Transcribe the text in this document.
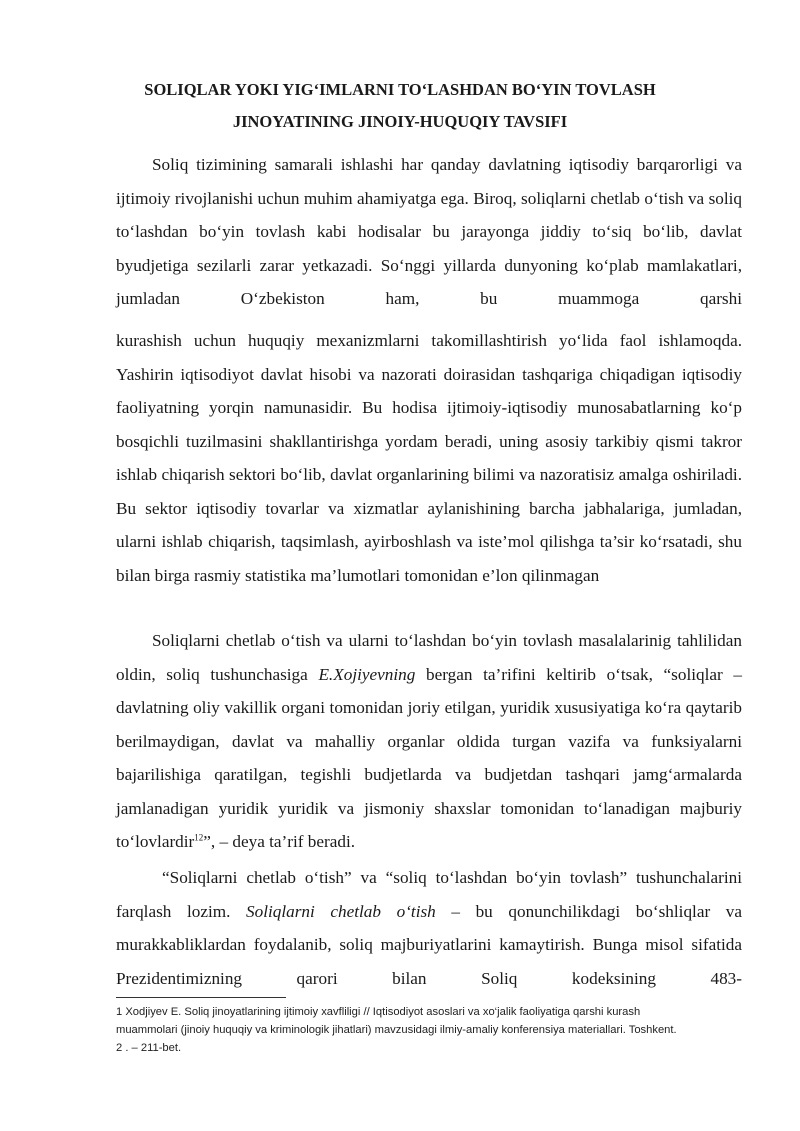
SOLIQLAR YOKI YIG‘IMLARNI TO‘LASHDAN BO‘YIN TOVLASH
JINOYATINING JINOIY-HUQUQIY TAVSIFI

Soliq tizimining samarali ishlashi har qanday davlatning iqtisodiy barqarorligi va ijtimoiy rivojlanishi uchun muhim ahamiyatga ega. Biroq, soliqlarni chetlab o‘tish va soliq to‘lashdan bo‘yin tovlash kabi hodisalar bu jarayonga jiddiy to‘siq bo‘lib, davlat byudjetiga sezilarli zarar yetkazadi. So‘nggi yillarda dunyoning ko‘plab mamlakatlari, jumladan O‘zbekiston ham, bu muammoga qarshi

kurashish uchun huquqiy mexanizmlarni takomillashtirish yo‘lida faol ishlamoqda. Yashirin iqtisodiyot davlat hisobi va nazorati doirasidan tashqariga chiqadigan iqtisodiy faoliyatning yorqin namunasidir. Bu hodisa ijtimoiy-iqtisodiy munosabatlarning ko‘p bosqichli tuzilmasini shakllantirishga yordam beradi, uning asosiy tarkibiy qismi takror ishlab chiqarish sektori bo‘lib, davlat organlarining bilimi va nazoratisiz amalga oshiriladi. Bu sektor iqtisodiy tovarlar va xizmatlar aylanishining barcha jabhalariga, jumladan, ularni ishlab chiqarish, taqsimlash, ayirboshlash va iste’mol qilishga ta’sir ko‘rsatadi, shu bilan birga rasmiy statistika ma’lumotlari tomonidan e’lon qilinmagan

Soliqlarni chetlab o‘tish va ularni to‘lashdan bo‘yin tovlash masalalarinig tahlilidan oldin, soliq tushunchasiga E.Xojiyevning bergan ta’rifini keltirib o‘tsak, “soliqlar – davlatning oliy vakillik organi tomonidan joriy etilgan, yuridik xususiyatiga ko‘ra qaytarib berilmaydigan, davlat va mahalliy organlar oldida turgan vazifa va funksiyalarni bajarilishiga qaratilgan, tegishli budjetlarda va budjetdan tashqari jamg‘armalarda jamlanadigan yuridik yuridik va jismoniy shaxslar tomonidan to‘lanadigan majburiy to‘lovlardir$^{12}$”, – deya ta’rif beradi.

“Soliqlarni chetlab o‘tish” va “soliq to‘lashdan bo‘yin tovlash” tushunchalarini farqlash lozim. Soliqlarni chetlab o‘tish – bu qonunchilikdagi bo‘shliqlar va murakkabliklardan foydalanib, soliq majburiyatlarini kamaytirish. Bunga misol sifatida Prezidentimizning qarori bilan Soliq kodeksining 483-

1 Xodjiyev E. Soliq jinoyatlarining ijtimoiy xavfliligi // Iqtisodiyot asoslari va xo‘jalik faoliyatiga qarshi kurash
muammolari (jinoiy huquqiy va kriminologik jihatlari) mavzusidagi ilmiy-amaliy konferensiya materiallari. Toshkent.
2 . – 211-bet.
